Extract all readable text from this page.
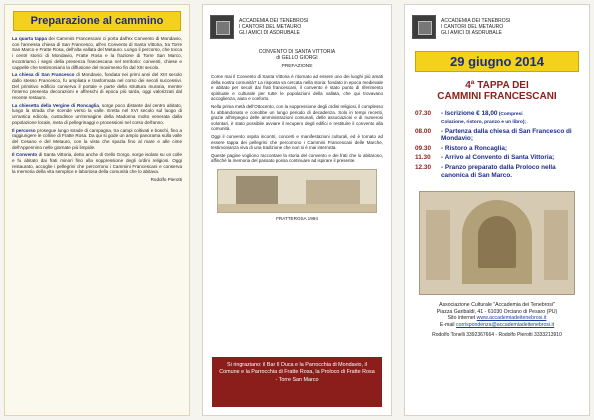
Preparazione al cammino

La quarta tappa dei Cammini Francescani ci porta dall'ex Convento di Mondavio, con l'annessa chiesa di San Francesco, all'ex Convento di Santa Vittoria, tra Torre San Marco e Fratte Rosa, dell'alta vallata del Metauro. Lungo il percorso, che tocca i centri storici di Mondavio, Fratte Rosa e la frazione di Torre San Marco, incontriamo i segni della presenza francescana nel territorio: conventi, chiese e cappelle che testimoniano la diffusione del movimento fin dal XIII secolo.

La chiesa di San Francesco di Mondavio, fondata nei primi anni del XIII secolo dallo stesso Francesco, fu ampliata e trasformata nel corso dei secoli successivi. Del primitivo edificio conserva il portale e parte della struttura muraria, mentre l'interno presenta decorazioni e affreschi di epoca più tarda, oggi valorizzati dal recente restauro.

La chiesetta della Vergine di Roncaglia, sorge poco distante dal centro abitato, lungo la strada che scende verso la valle. Eretta nel XVI secolo sul luogo di un'antica edicola, custodisce un'immagine della Madonna molto venerata dalla popolazione locale, meta di pellegrinaggi e processioni nel corso dell'anno.

Il percorso prosegue lungo strade di campagna, tra campi coltivati e boschi, fino a raggiungere le colline di Fratte Rosa. Da qui si gode un ampio panorama sulla valle del Cesano e del Metauro, con la vista che spazia fino al mare e alle cime dell'Appennino nelle giornate più limpide.

Il Convento di Santa Vittoria, detto anche di Gello Gorgo, sorge isolato su un colle e fu abitato dai frati minori fino alla soppressione degli ordini religiosi. Oggi restaurato, accoglie i pellegrini che percorrono i Cammini Francescani e conserva la memoria della vita semplice e laboriosa della comunità che lo abitava.

Rodolfo Pierotti
ACCADEMIA DEI TENEBROSI
I CANTORI DEL METAURO
GLI AMICI DI ASDRUBALE
CONVENTO DI SANTA VITTORIA
di GELLO GIORGI
PREFAZIONE

Come mai il Convento di Santa Vittoria è ritornato ad essere uno dei luoghi più amati della nostra comunità? La risposta va cercata nella storia: fondato in epoca medievale e abitato per secoli dai frati francescani, il convento è stato punto di riferimento spirituale e culturale per tutte le popolazioni della vallata, che qui trovavano accoglienza, aiuto e conforto.

Nella prima metà dell'Ottocento, con la soppressione degli ordini religiosi, il complesso fu abbandonato e conobbe un lungo periodo di decadenza. Solo in tempi recenti, grazie all'impegno delle amministrazioni comunali, delle associazioni e di numerosi volontari, è stato possibile avviare il recupero degli edifici e restituire il convento alla comunità.

Oggi il convento ospita incontri, concerti e manifestazioni culturali, ed è tornato ad essere tappa dei pellegrini che percorrono i Cammini Francescani delle Marche, testimonianza viva di una tradizione che non si è mai interrotta.

Queste pagine vogliono raccontare la storia del convento e dei frati che lo abitarono, affinché la memoria del passato possa continuare ad ispirare il presente.

FRATTEROSA 1994
Si ringraziano: il Bar Il Duca e la Parrocchia di Mondavio, il Comune e la Parrocchia di Fratte Rosa, la Proloco di Fratte Rosa - Torre San Marco
ACCADEMIA DEI TENEBROSI
I CANTORI DEL METAURO
GLI AMICI DI ASDRUBALE
29 giugno 2014
4ª TAPPA DEI
CAMMINI FRANCESCANI
07.30	- Iscrizione € 18,00 (Compresi
Colazione, ristoro, pranzo e un libro);
08.00	- Partenza dalla chiesa di San Francesco di Mondavio;
09.30	- Ristoro a Roncaglia;
11.30	- Arrivo al Convento di Santa Vittoria;
12.30	- Pranzo preparato dalla Proloco nella canonica di San Marco.
Associazione Culturale "Accademia dei Tenebrosi"
Piazza Garibaldi, 41 - 61030 Orciano di Pesaro (PU)
Sito internet www.accademiadeitenebrosi.it
E-mail corrispondenza@accademiadeitenebrosi.it
Rodolfo Tonelli 3392367664 - Rodolfo Pierotti 3333213910
